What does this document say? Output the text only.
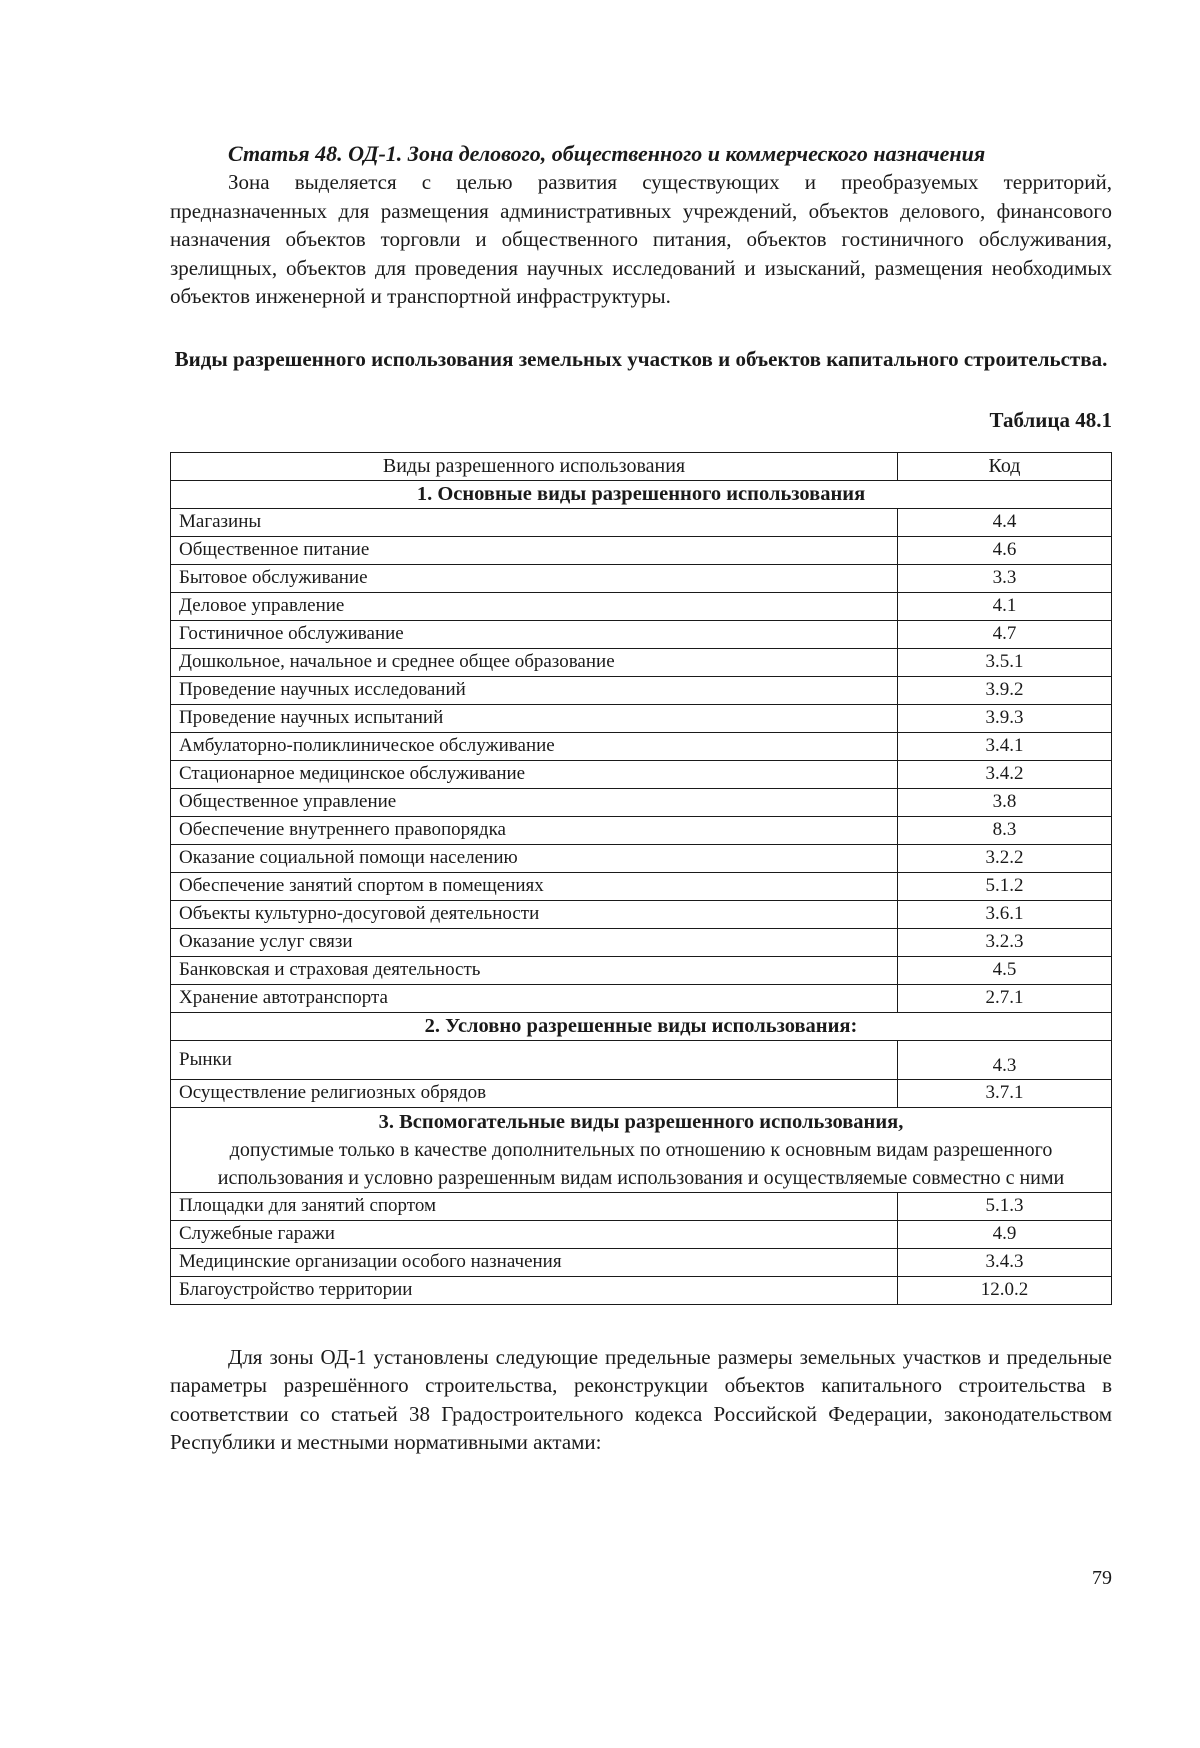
Статья 48. ОД-1. Зона делового, общественного и коммерческого назначения

Зона выделяется с целью развития существующих и преобразуемых территорий, предназначенных для размещения административных учреждений, объектов делового, финансового назначения объектов торговли и общественного питания, объектов гостиничного обслуживания, зрелищных, объектов для проведения научных исследований и изысканий, размещения необходимых объектов инженерной и транспортной инфраструктуры.

Виды разрешенного использования земельных участков и объектов капитального строительства.

Таблица 48.1

Виды разрешенного использования	Код
1. Основные виды разрешенного использования	
Магазины	4.4
Общественное питание	4.6
Бытовое обслуживание	3.3
Деловое управление	4.1
Гостиничное обслуживание	4.7
Дошкольное, начальное и среднее общее образование	3.5.1
Проведение научных исследований	3.9.2
Проведение научных испытаний	3.9.3
Амбулаторно-поликлиническое обслуживание	3.4.1
Стационарное медицинское обслуживание	3.4.2
Общественное управление	3.8
Обеспечение внутреннего правопорядка	8.3
Оказание социальной помощи населению	3.2.2
Обеспечение занятий спортом в помещениях	5.1.2
Объекты культурно-досуговой деятельности	3.6.1
Оказание услуг связи	3.2.3
Банковская и страховая деятельность	4.5
Хранение автотранспорта	2.7.1
2. Условно разрешенные виды использования:	
Рынки	4.3
Осуществление религиозных обрядов	3.7.1

3. Вспомогательные виды разрешенного использования,
допустимые только в качестве дополнительных по отношению к основным видам разрешенного использования и условно разрешенным видам использования и осуществляемые совместно с ними	

Площадки для занятий спортом	5.1.3
Служебные гаражи	4.9
Медицинские организации особого назначения	3.4.3
Благоустройство территории	12.0.2

Для зоны ОД-1 установлены следующие предельные размеры земельных участков и предельные параметры разрешённого строительства, реконструкции объектов капитального строительства в соответствии со статьей 38 Градостроительного кодекса Российской Федерации, законодательством Республики и местными нормативными актами:

79
